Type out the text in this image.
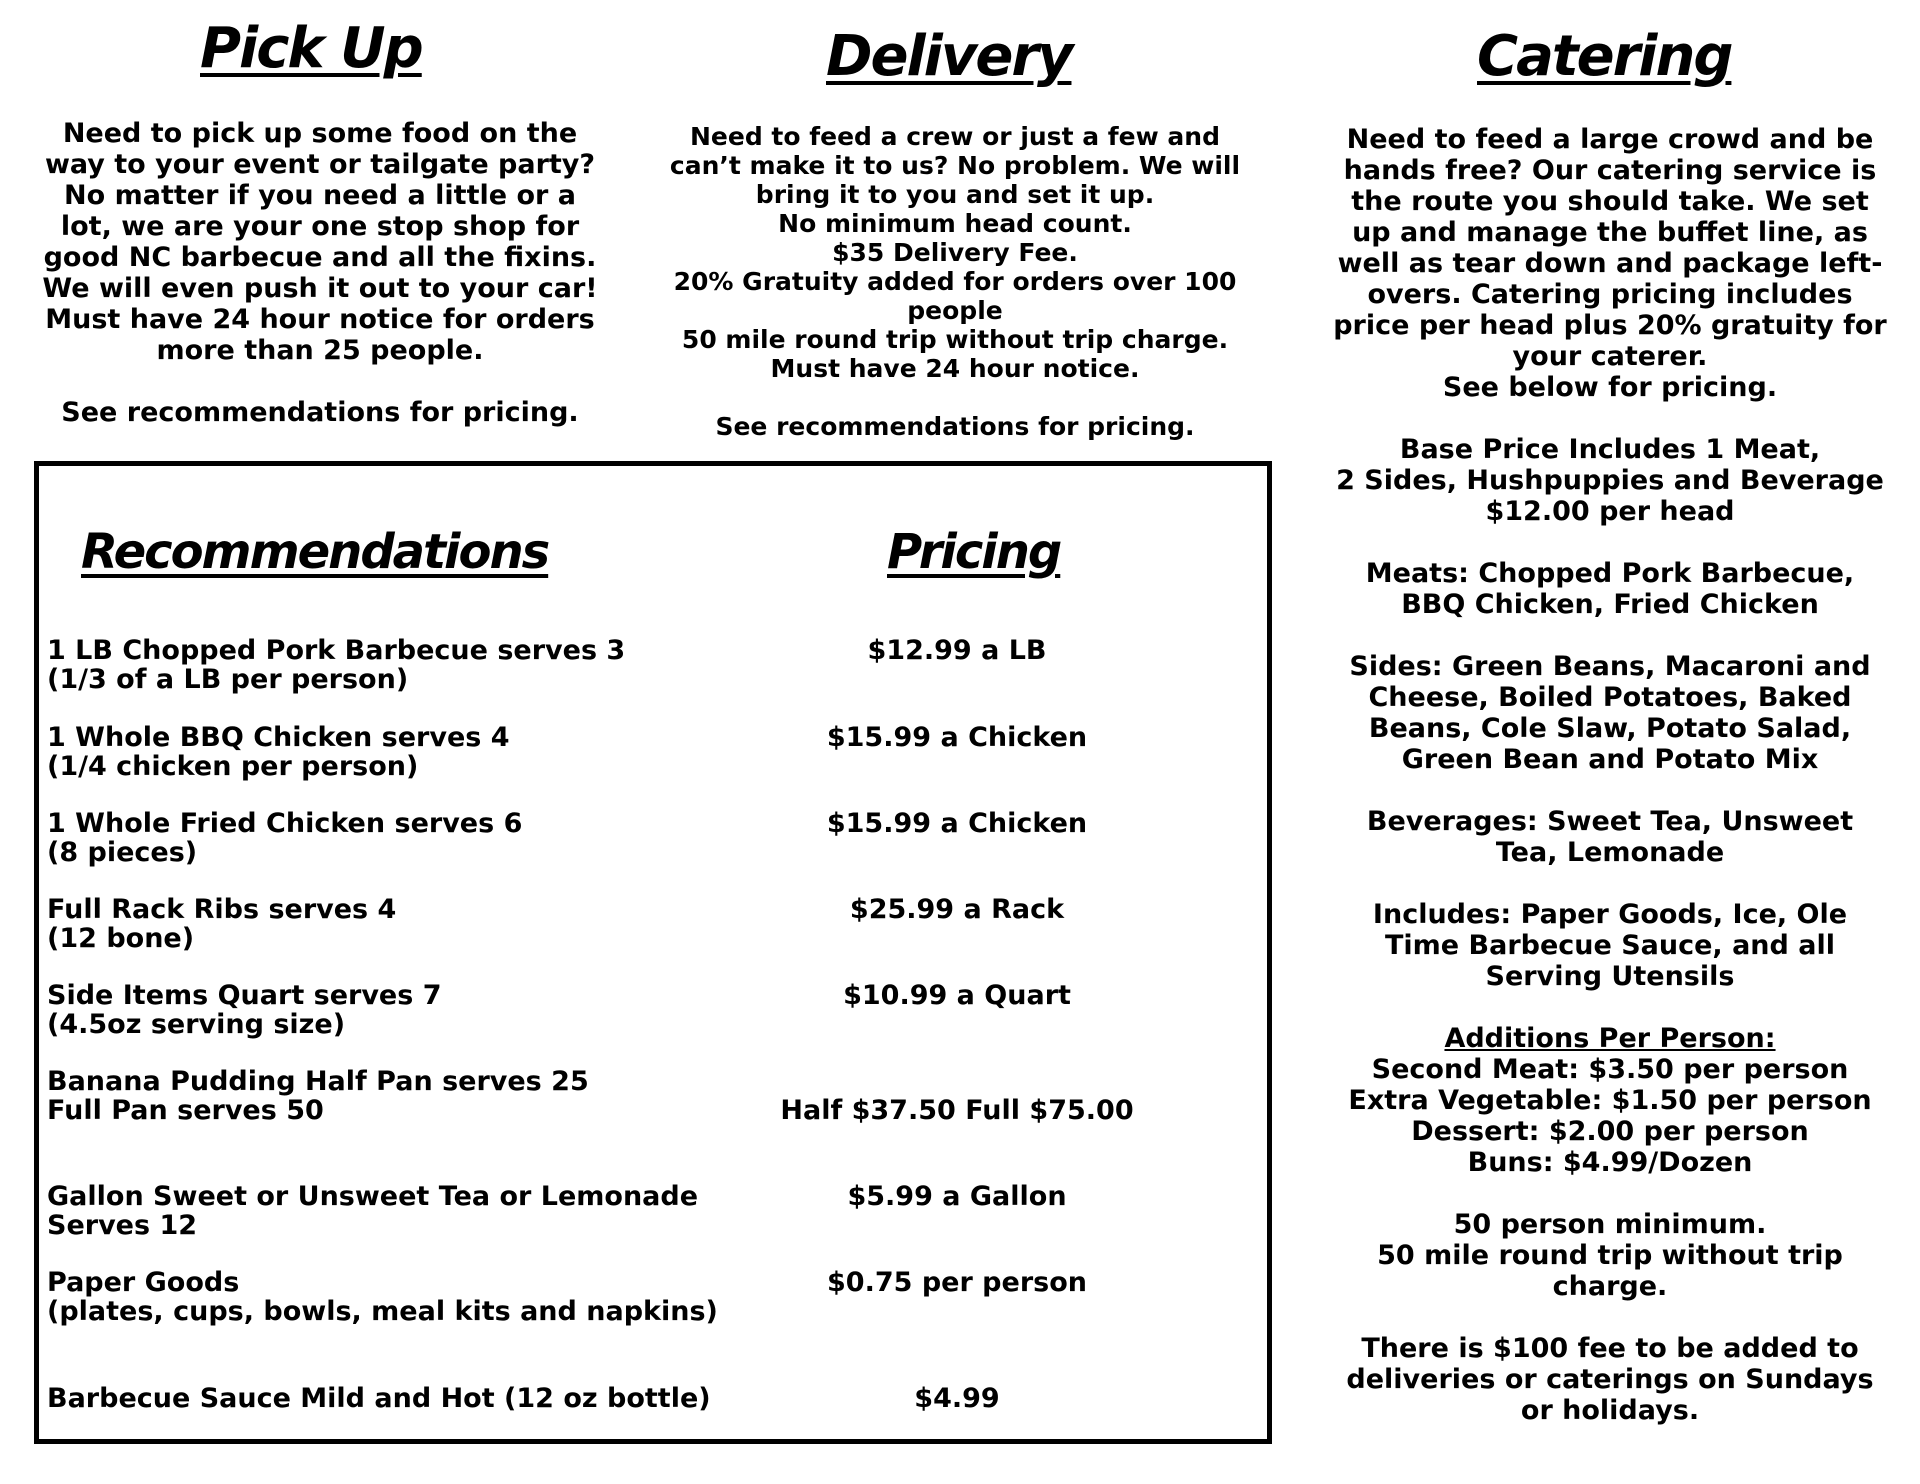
Pick Up	Delivery	Catering
Need to pick up some food on the
way to your event or tailgate party?
No matter if you need a little or a
lot, we are your one stop shop for
good NC barbecue and all the fixins.
We will even push it out to your car!
Must have 24 hour notice for orders
more than 25 people.
See recommendations for pricing.
Need to feed a crew or just a few and
can’t make it to us? No problem. We will
bring it to you and set it up.
No minimum head count.
$35 Delivery Fee.
20% Gratuity added for orders over 100
people
50 mile round trip without trip charge.
Must have 24 hour notice.
See recommendations for pricing.
Need to feed a large crowd and be
hands free? Our catering service is
the route you should take. We set
up and manage the buffet line, as
well as tear down and package left-
overs. Catering pricing includes
price per head plus 20% gratuity for
your caterer.
See below for pricing.
Base Price Includes 1 Meat,
2 Sides, Hushpuppies and Beverage
$12.00 per head
Meats: Chopped Pork Barbecue,
BBQ Chicken, Fried Chicken
Sides: Green Beans, Macaroni and
Cheese, Boiled Potatoes, Baked
Beans, Cole Slaw, Potato Salad,
Green Bean and Potato Mix
Beverages: Sweet Tea, Unsweet
Tea, Lemonade
Includes: Paper Goods, Ice, Ole
Time Barbecue Sauce, and all
Serving Utensils
Additions Per Person:
Second Meat: $3.50 per person
Extra Vegetable: $1.50 per person
Dessert: $2.00 per person
Buns: $4.99/Dozen
50 person minimum.
50 mile round trip without trip
charge.
There is $100 fee to be added to
deliveries or caterings on Sundays
or holidays.
Recommendations	Pricing
1 LB Chopped Pork Barbecue serves 3
(1/3 of a LB per person)
$12.99 a LB
1 Whole BBQ Chicken serves 4
(1/4 chicken per person)
$15.99 a Chicken
1 Whole Fried Chicken serves 6
(8 pieces)
$15.99 a Chicken
Full Rack Ribs serves 4
(12 bone)
$25.99 a Rack
Side Items Quart serves 7
(4.5oz serving size)
$10.99 a Quart
Banana Pudding Half Pan serves 25
Full Pan serves 50	Half $37.50 Full $75.00
Gallon Sweet or Unsweet Tea or Lemonade
Serves 12
$5.99 a Gallon
Paper Goods
(plates, cups, bowls, meal kits and napkins)
$0.75 per person
Barbecue Sauce Mild and Hot (12 oz bottle)	$4.99
